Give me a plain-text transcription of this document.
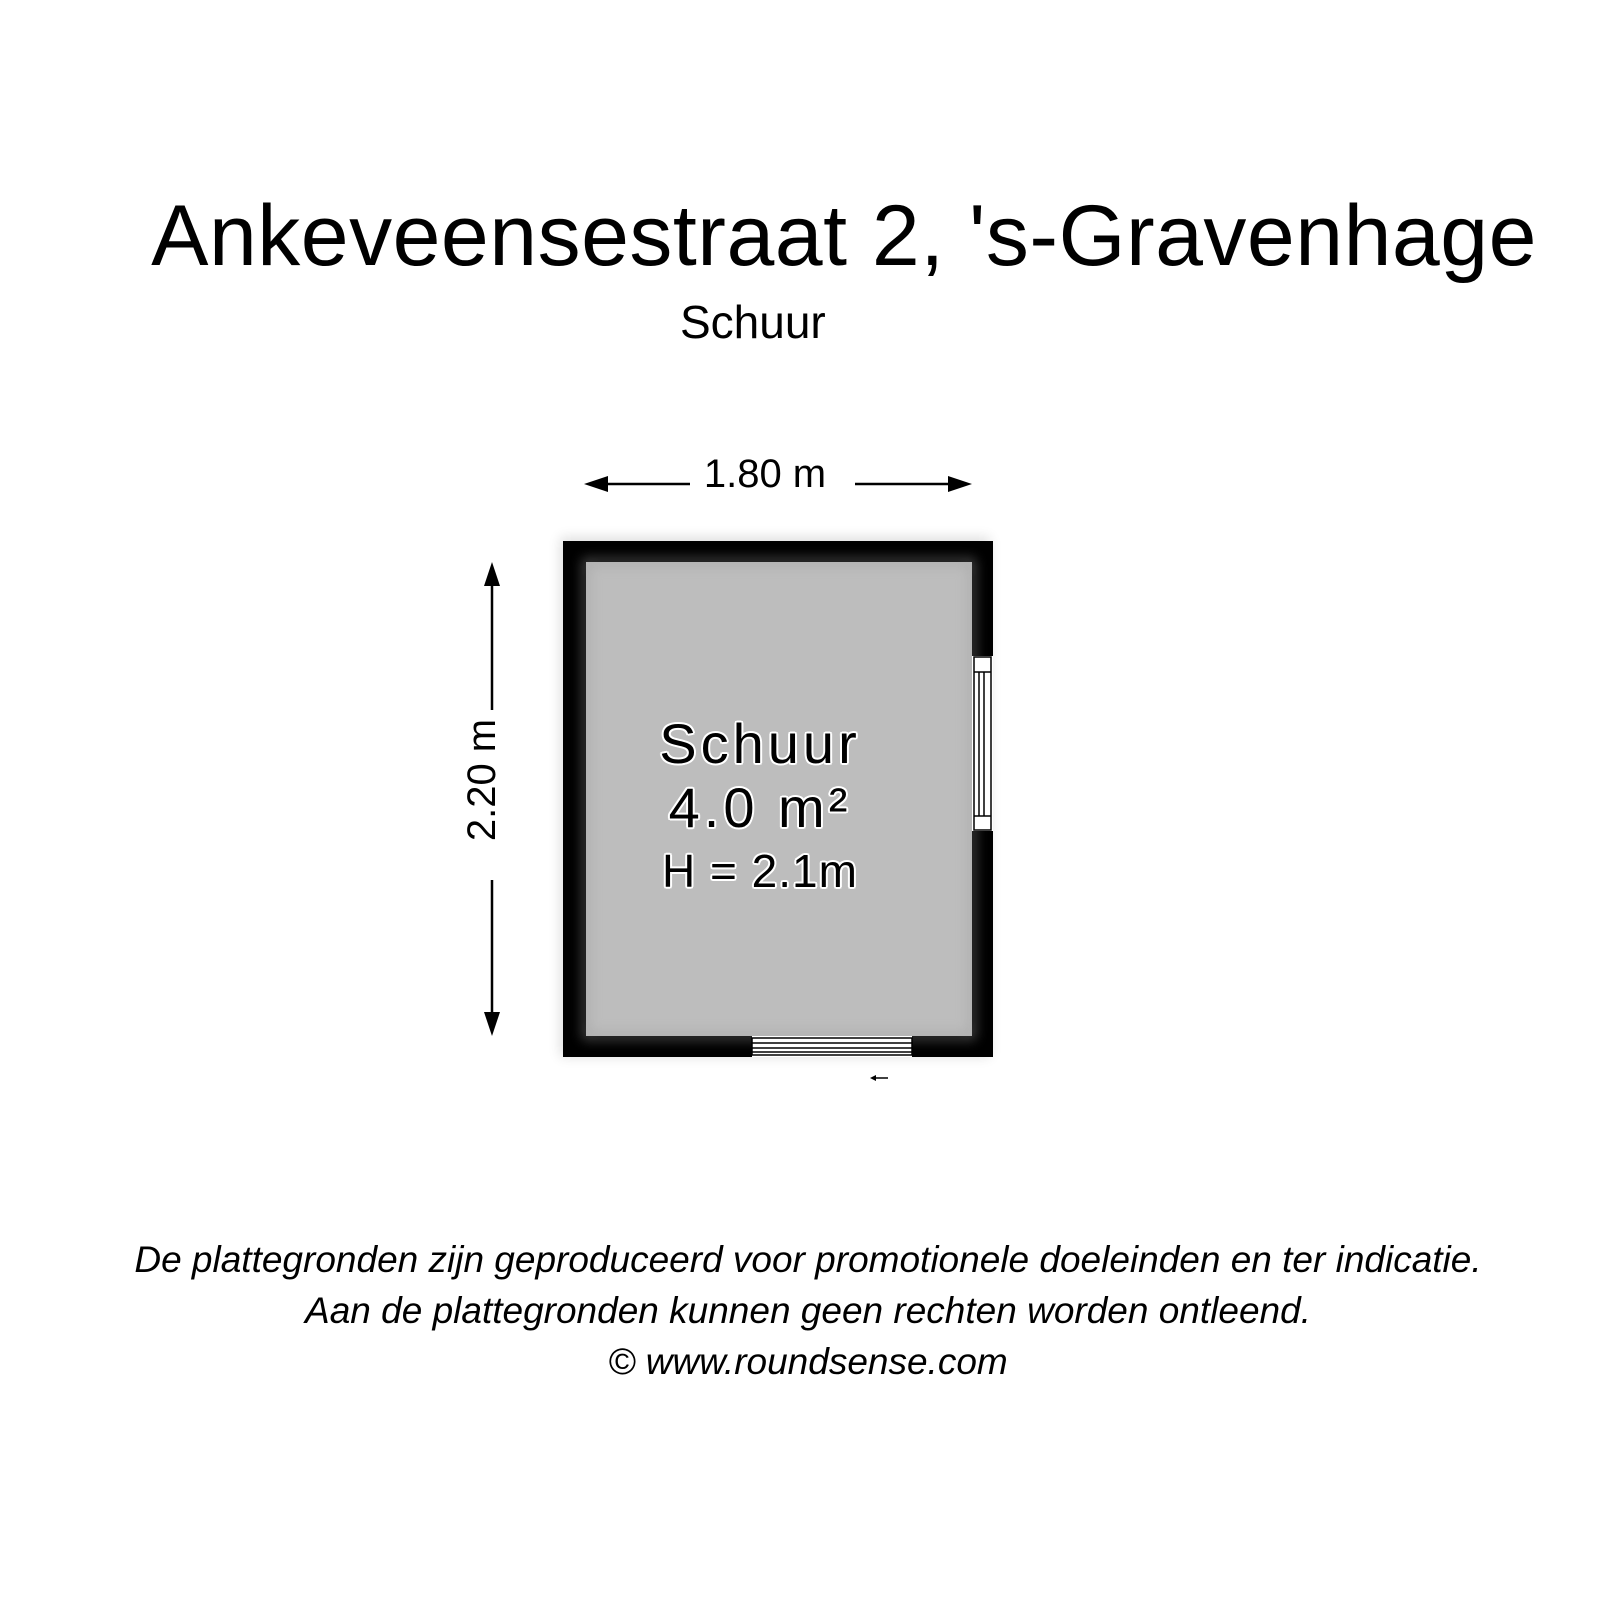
Ankeveensestraat 2, 's-Gravenhage
Schuur
1.80 m
2.20 m	Schuur
4.0 m²
H = 2.1m
De plattegronden zijn geproduceerd voor promotionele doeleinden en ter indicatie.
Aan de plattegronden kunnen geen rechten worden ontleend.
© www.roundsense.com
